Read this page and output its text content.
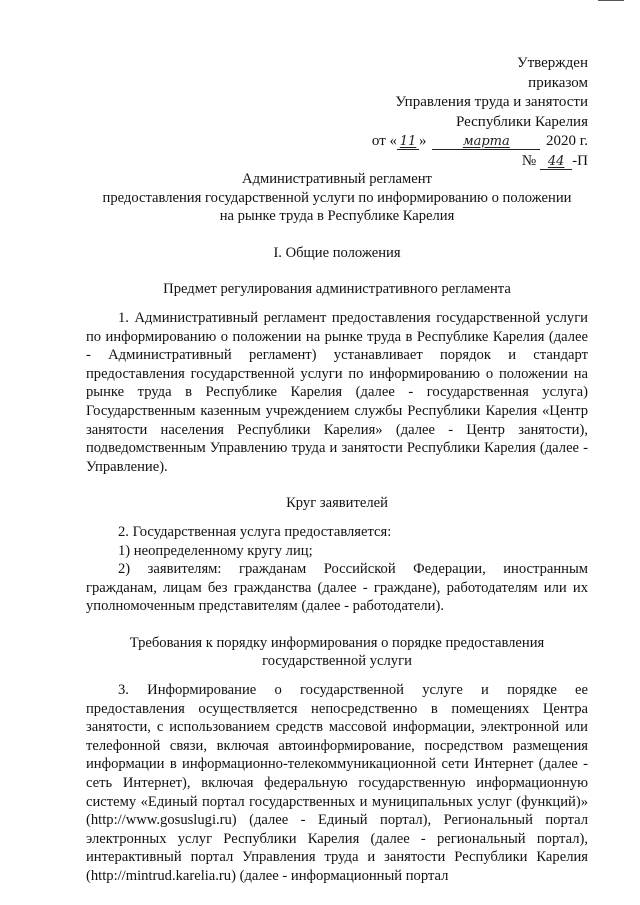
Утвержден
приказом
Управления труда и занятости
Республики Карелия
от « 11 »	марта 2020 г.
№ 44 -П

Административный регламент
предоставления государственной услуги по информированию о положении
на рынке труда в Республике Карелия

I. Общие положения

Предмет регулирования административного регламента

1. Административный регламент предоставления государственной услуги по информированию о положении на рынке труда в Республике Карелия (далее - Административный регламент) устанавливает порядок и стандарт предоставления государственной услуги по информированию о положении на рынке труда в Республике Карелия (далее - государственная услуга) Государственным казенным учреждением службы Республики Карелия «Центр занятости населения Республики Карелия» (далее - Центр занятости), подведомственным Управлению труда и занятости Республики Карелия (далее - Управление).

Круг заявителей

2. Государственная услуга предоставляется:

1) неопределенному кругу лиц;

2) заявителям: гражданам Российской Федерации, иностранным гражданам, лицам без гражданства (далее - граждане), работодателям или их уполномоченным представителям (далее - работодатели).

Требования к порядку информирования о порядке предоставления
государственной услуги

3. Информирование о государственной услуге и порядке ее предоставления осуществляется непосредственно в помещениях Центра занятости, с использованием средств массовой информации, электронной или телефонной связи, включая автоинформирование, посредством размещения информации в информационно-телекоммуникационной сети Интернет (далее - сеть Интернет), включая федеральную государственную информационную систему «Единый портал государственных и муниципальных услуг (функций)» (http://www.gosuslugi.ru) (далее - Единый портал), Региональный портал электронных услуг Республики Карелия (далее - региональный портал), интерактивный портал Управления труда и занятости Республики Карелия (http://mintrud.karelia.ru) (далее - информационный портал
